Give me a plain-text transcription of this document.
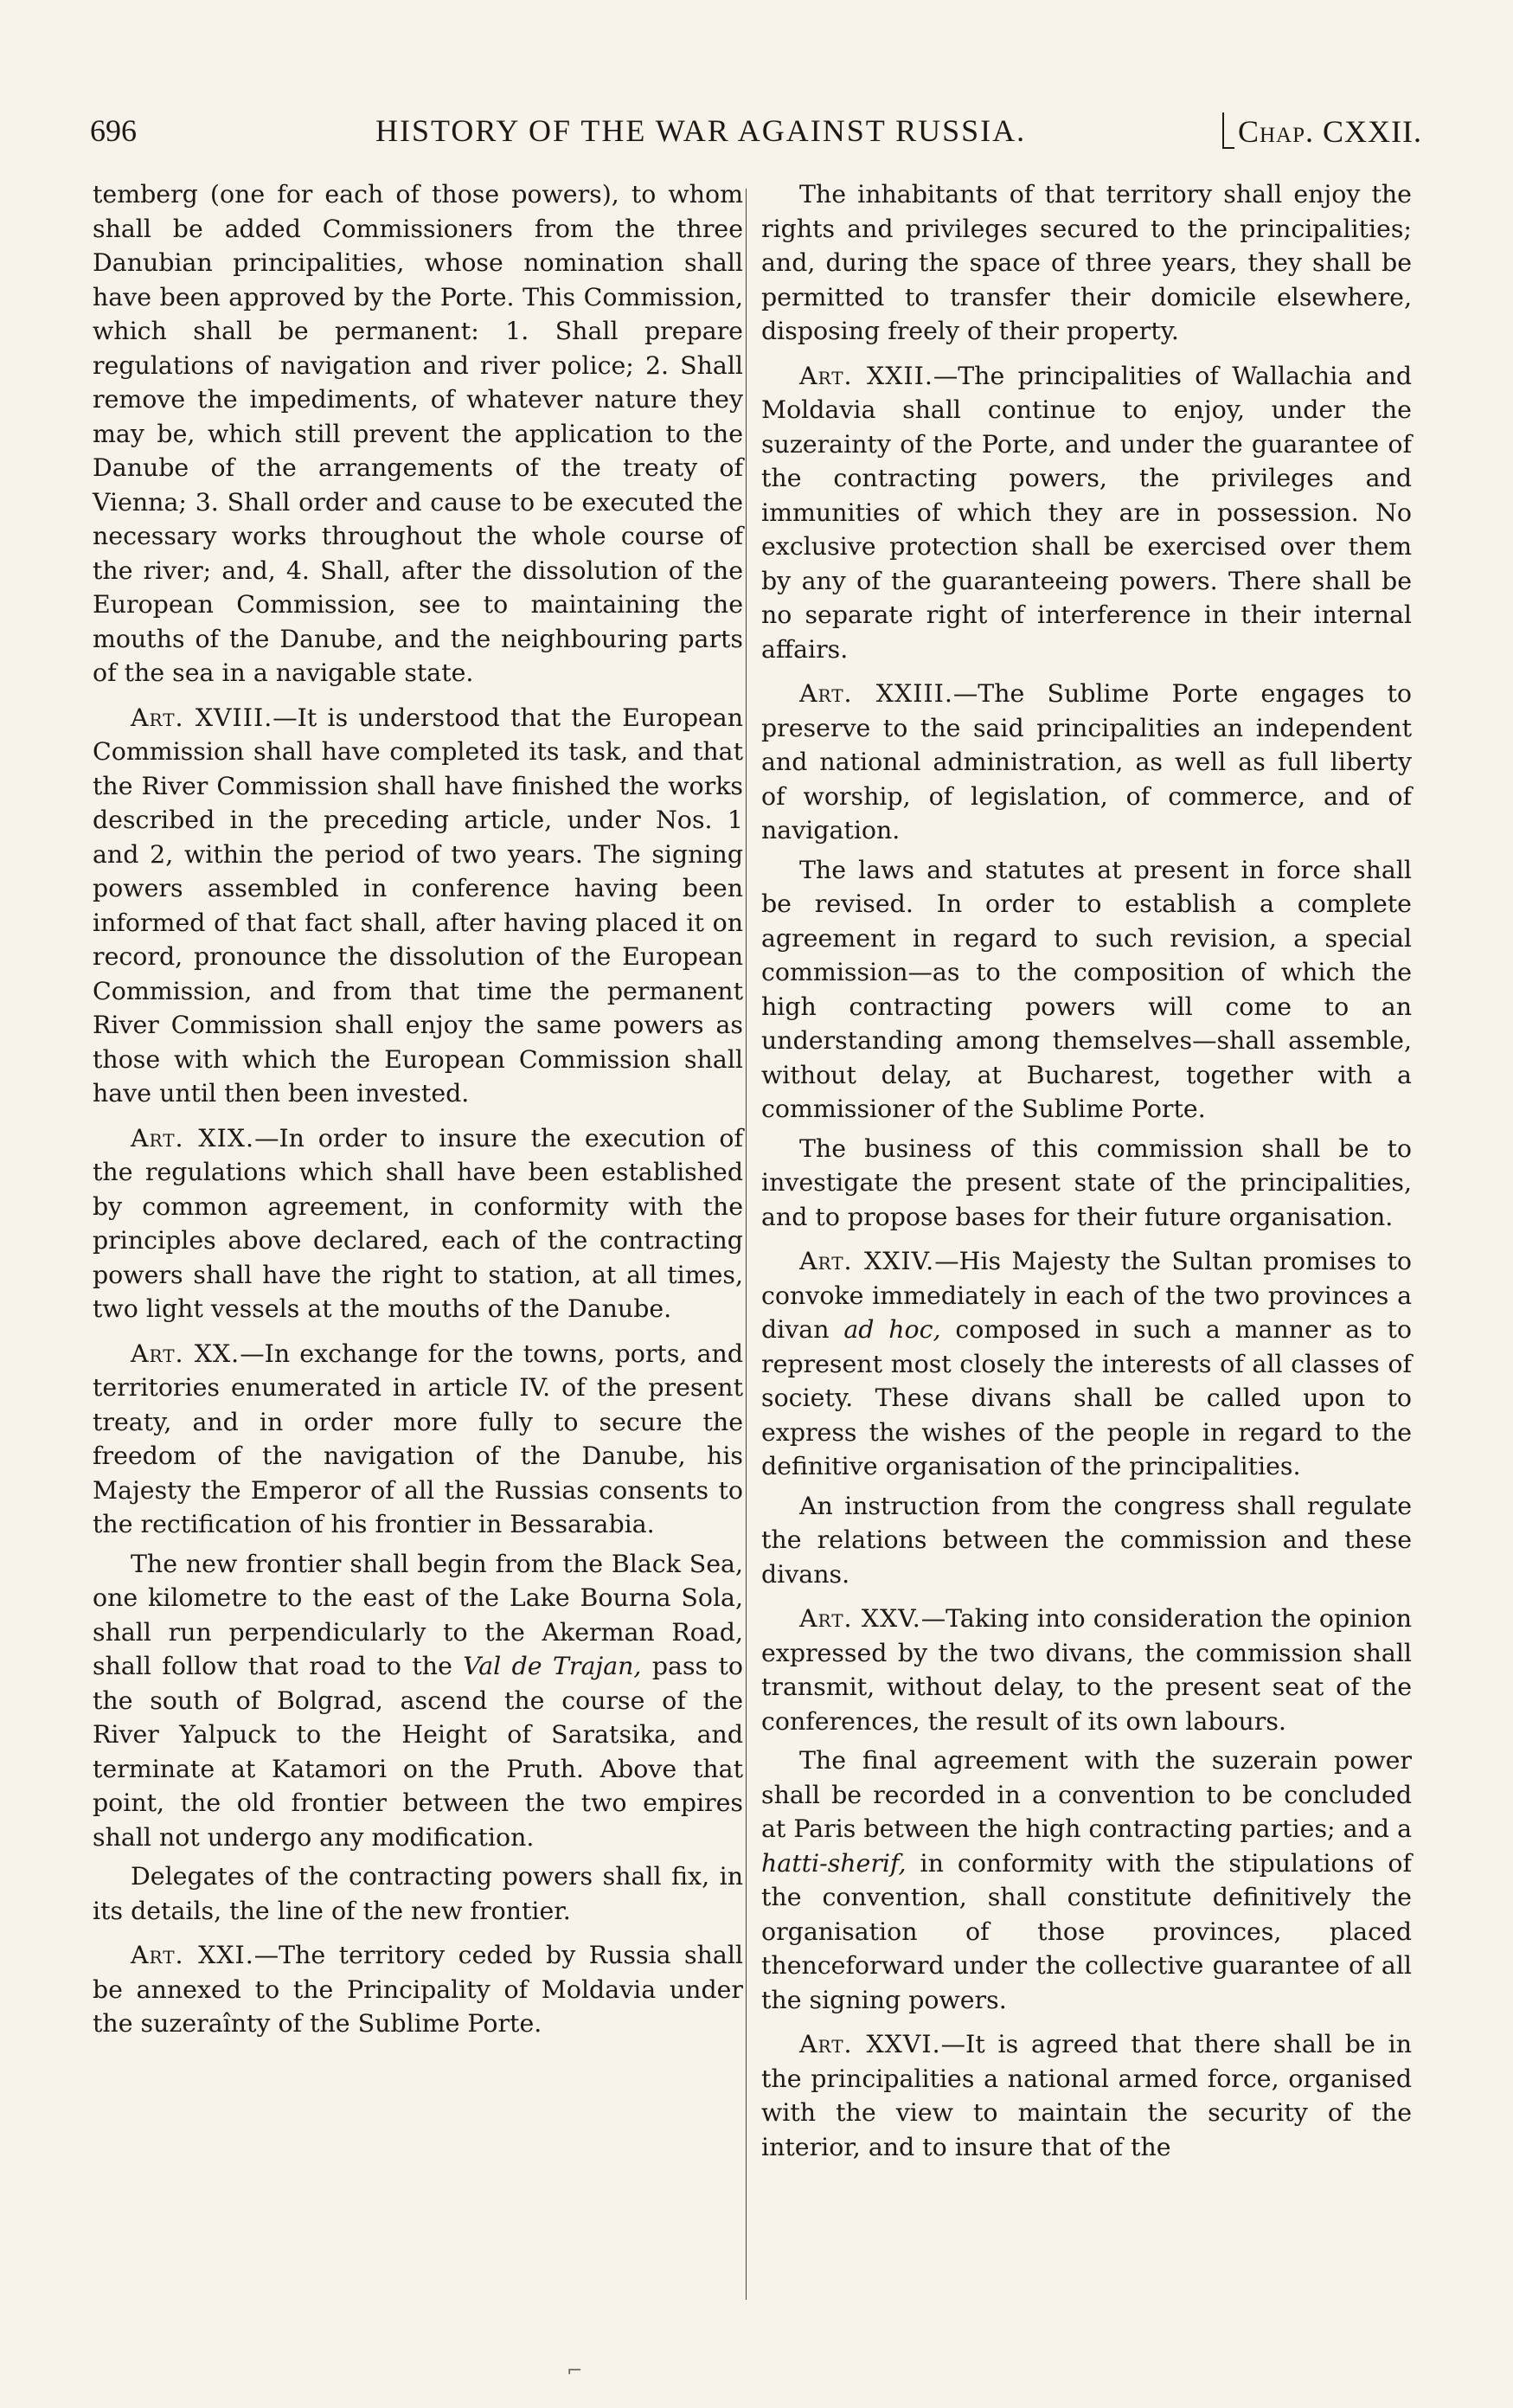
696	HISTORY OF THE WAR AGAINST RUSSIA.	Chap. CXXII.

temberg (one for each of those powers), to whom shall be added Commissioners from the three Danubian principalities, whose nomination shall have been approved by the Porte. This Commission, which shall be permanent: 1. Shall prepare regulations of navigation and river police; 2. Shall remove the impediments, of whatever nature they may be, which still prevent the application to the Danube of the arrangements of the treaty of Vienna; 3. Shall order and cause to be executed the necessary works throughout the whole course of the river; and, 4. Shall, after the dissolution of the European Commission, see to maintaining the mouths of the Danube, and the neighbouring parts of the sea in a navigable state.

Art. XVIII.—It is understood that the European Commission shall have completed its task, and that the River Commission shall have finished the works described in the preceding article, under Nos. 1 and 2, within the period of two years. The signing powers assembled in conference having been informed of that fact shall, after having placed it on record, pronounce the dissolution of the European Commission, and from that time the permanent River Commission shall enjoy the same powers as those with which the European Commission shall have until then been invested.

Art. XIX.—In order to insure the execution of the regulations which shall have been established by common agreement, in conformity with the principles above declared, each of the contracting powers shall have the right to station, at all times, two light vessels at the mouths of the Danube.

Art. XX.—In exchange for the towns, ports, and territories enumerated in article IV. of the present treaty, and in order more fully to secure the freedom of the navigation of the Danube, his Majesty the Emperor of all the Russias consents to the rectification of his frontier in Bessarabia.

The new frontier shall begin from the Black Sea, one kilometre to the east of the Lake Bourna Sola, shall run perpendicularly to the Akerman Road, shall follow that road to the Val de Trajan, pass to the south of Bolgrad, ascend the course of the River Yalpuck to the Height of Saratsika, and terminate at Katamori on the Pruth. Above that point, the old frontier between the two empires shall not undergo any modification.

Delegates of the contracting powers shall fix, in its details, the line of the new frontier.

Art. XXI.—The territory ceded by Russia shall be annexed to the Principality of Moldavia under the suzeraînty of the Sublime Porte.

The inhabitants of that territory shall enjoy the rights and privileges secured to the principalities; and, during the space of three years, they shall be permitted to transfer their domicile elsewhere, disposing freely of their property.

Art. XXII.—The principalities of Wallachia and Moldavia shall continue to enjoy, under the suzerainty of the Porte, and under the guarantee of the contracting powers, the privileges and immunities of which they are in possession. No exclusive protection shall be exercised over them by any of the guaranteeing powers. There shall be no separate right of interference in their internal affairs.

Art. XXIII.—The Sublime Porte engages to preserve to the said principalities an independent and national administration, as well as full liberty of worship, of legislation, of commerce, and of navigation.

The laws and statutes at present in force shall be revised. In order to establish a complete agreement in regard to such revision, a special commission—as to the composition of which the high contracting powers will come to an understanding among themselves—shall assemble, without delay, at Bucharest, together with a commissioner of the Sublime Porte.

The business of this commission shall be to investigate the present state of the principalities, and to propose bases for their future organisation.

Art. XXIV.—His Majesty the Sultan promises to convoke immediately in each of the two provinces a divan ad hoc, composed in such a manner as to represent most closely the interests of all classes of society. These divans shall be called upon to express the wishes of the people in regard to the definitive organisation of the principalities.

An instruction from the congress shall regulate the relations between the commission and these divans.

Art. XXV.—Taking into consideration the opinion expressed by the two divans, the commission shall transmit, without delay, to the present seat of the conferences, the result of its own labours.

The final agreement with the suzerain power shall be recorded in a convention to be concluded at Paris between the high contracting parties; and a hatti-sherif, in conformity with the stipulations of the convention, shall constitute definitively the organisation of those provinces, placed thenceforward under the collective guarantee of all the signing powers.

Art. XXVI.—It is agreed that there shall be in the principalities a national armed force, organised with the view to maintain the security of the interior, and to insure that of the

⌐
